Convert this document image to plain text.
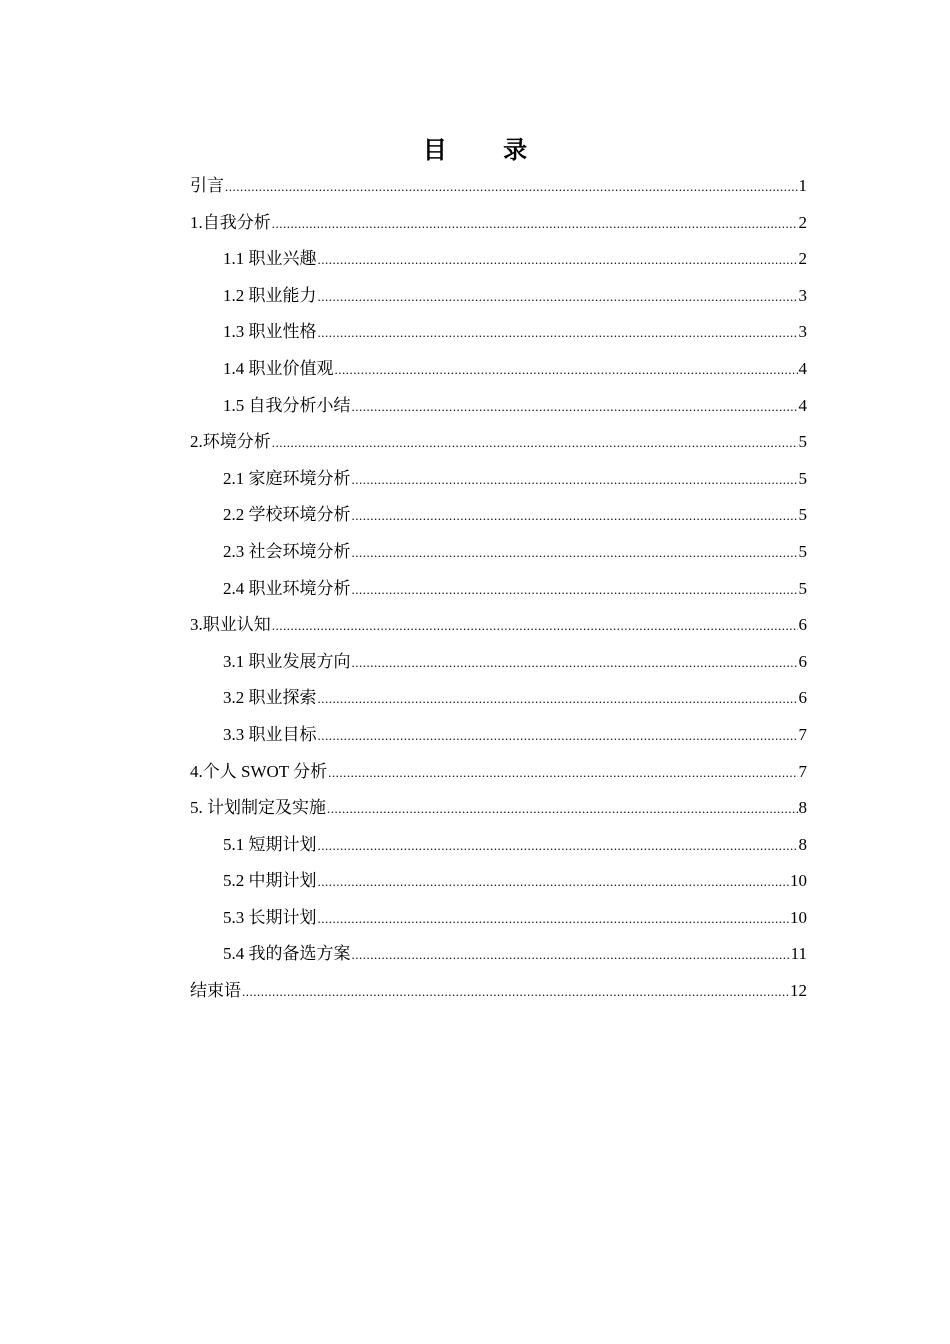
目 录
引言 .....	1
1.自我分析 .....	2
1.1 职业兴趣 .....	2
1.2 职业能力 .....	3
1.3 职业性格 .....	3
1.4 职业价值观 .....	4
1.5 自我分析小结 .....	4
2.环境分析 .....	5
2.1 家庭环境分析 .....	5
2.2 学校环境分析 .....	5
2.3 社会环境分析 .....	5
2.4 职业环境分析 .....	5
3.职业认知 .....	6
3.1 职业发展方向 .....	6
3.2 职业探索 .....	6
3.3 职业目标 .....	7
4.个人 SWOT 分析 .....	7
5. 计划制定及实施 .....	8
5.1 短期计划 .....	8
5.2 中期计划 .....	10
5.3 长期计划 .....	10
5.4 我的备选方案 .....	11
结束语 .....	12
